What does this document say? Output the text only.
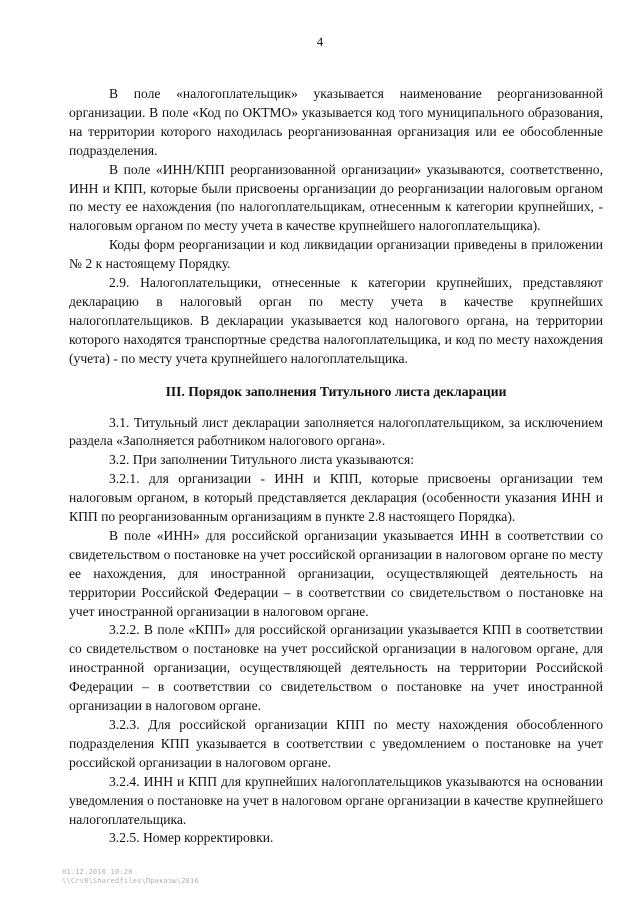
4

В поле «налогоплательщик» указывается наименование реорганизованной организации. В поле «Код по ОКТМО» указывается код того муниципального образования, на территории которого находилась реорганизованная организация или ее обособленные подразделения.

В поле «ИНН/КПП реорганизованной организации» указываются, соответственно, ИНН и КПП, которые были присвоены организации до реорганизации налоговым органом по месту ее нахождения (по налогоплательщикам, отнесенным к категории крупнейших, - налоговым органом по месту учета в качестве крупнейшего налогоплательщика).

Коды форм реорганизации и код ликвидации организации приведены в приложении № 2 к настоящему Порядку.

2.9. Налогоплательщики, отнесенные к категории крупнейших, представляют декларацию в налоговый орган по месту учета в качестве крупнейших налогоплательщиков. В декларации указывается код налогового органа, на территории которого находятся транспортные средства налогоплательщика, и код по месту нахождения (учета) - по месту учета крупнейшего налогоплательщика.

III. Порядок заполнения Титульного листа декларации

3.1. Титульный лист декларации заполняется налогоплательщиком, за исключением раздела «Заполняется работником налогового органа».

3.2. При заполнении Титульного листа указываются:

3.2.1. для организации - ИНН и КПП, которые присвоены организации тем налоговым органом, в который представляется декларация (особенности указания ИНН и КПП по реорганизованным организациям в пункте 2.8 настоящего Порядка).

В поле «ИНН» для российской организации указывается ИНН в соответствии со свидетельством о постановке на учет российской организации в налоговом органе по месту ее нахождения, для иностранной организации, осуществляющей деятельность на территории Российской Федерации – в соответствии со свидетельством о постановке на учет иностранной организации в налоговом органе.

3.2.2. В поле «КПП» для российской организации указывается КПП в соответствии со свидетельством о постановке на учет российской организации в налоговом органе, для иностранной организации, осуществляющей деятельность на территории Российской Федерации – в соответствии со свидетельством о постановке на учет иностранной организации в налоговом органе.

3.2.3. Для российской организации КПП по месту нахождения обособленного подразделения КПП указывается в соответствии с уведомлением о постановке на учет российской организации в налоговом органе.

3.2.4. ИНН и КПП для крупнейших налогоплательщиков указываются на основании уведомления о постановке на учет в налоговом органе организации в качестве крупнейшего налогоплательщика.

3.2.5. Номер корректировки.

01.12.2016 10:20
\\Сrv8\Sharedfiles\Приказы\2016
